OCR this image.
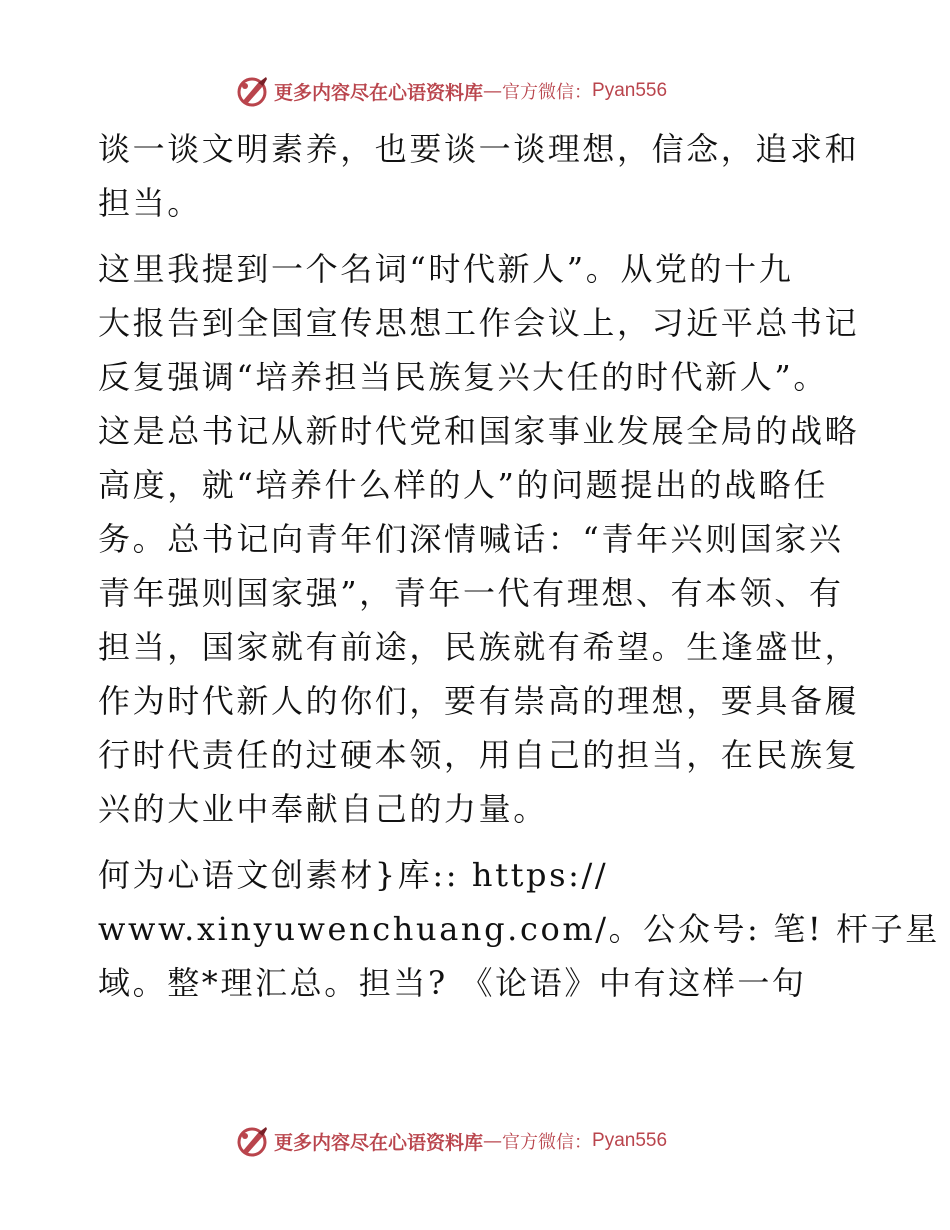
更多内容尽在心语资料库 — 官方微信： Pyan556

谈一谈文明素养，也要谈一谈理想，信念，追求和
担当。

这里我提到一个名词“时代新人”。从党的十九
大报告到全国宣传思想工作会议上，习近平总书记
反复强调“培养担当民族复兴大任的时代新人”。
这是总书记从新时代党和国家事业发展全局的战略
高度，就“培养什么样的人”的问题提出的战略任
务。总书记向青年们深情喊话：“青年兴则国家兴
青年强则国家强”，青年一代有理想、有本领、有
担当，国家就有前途，民族就有希望。生逢盛世，
作为时代新人的你们，要有崇高的理想，要具备履
行时代责任的过硬本领，用自己的担当，在民族复
兴的大业中奉献自己的力量。

何为心语文创素材}库:: https://
www.xinyuwenchuang.com/。公众号: 笔! 杆子星
域。整*理汇总。担当? 《论语》中有这样一句

更多内容尽在心语资料库 — 官方微信： Pyan556
